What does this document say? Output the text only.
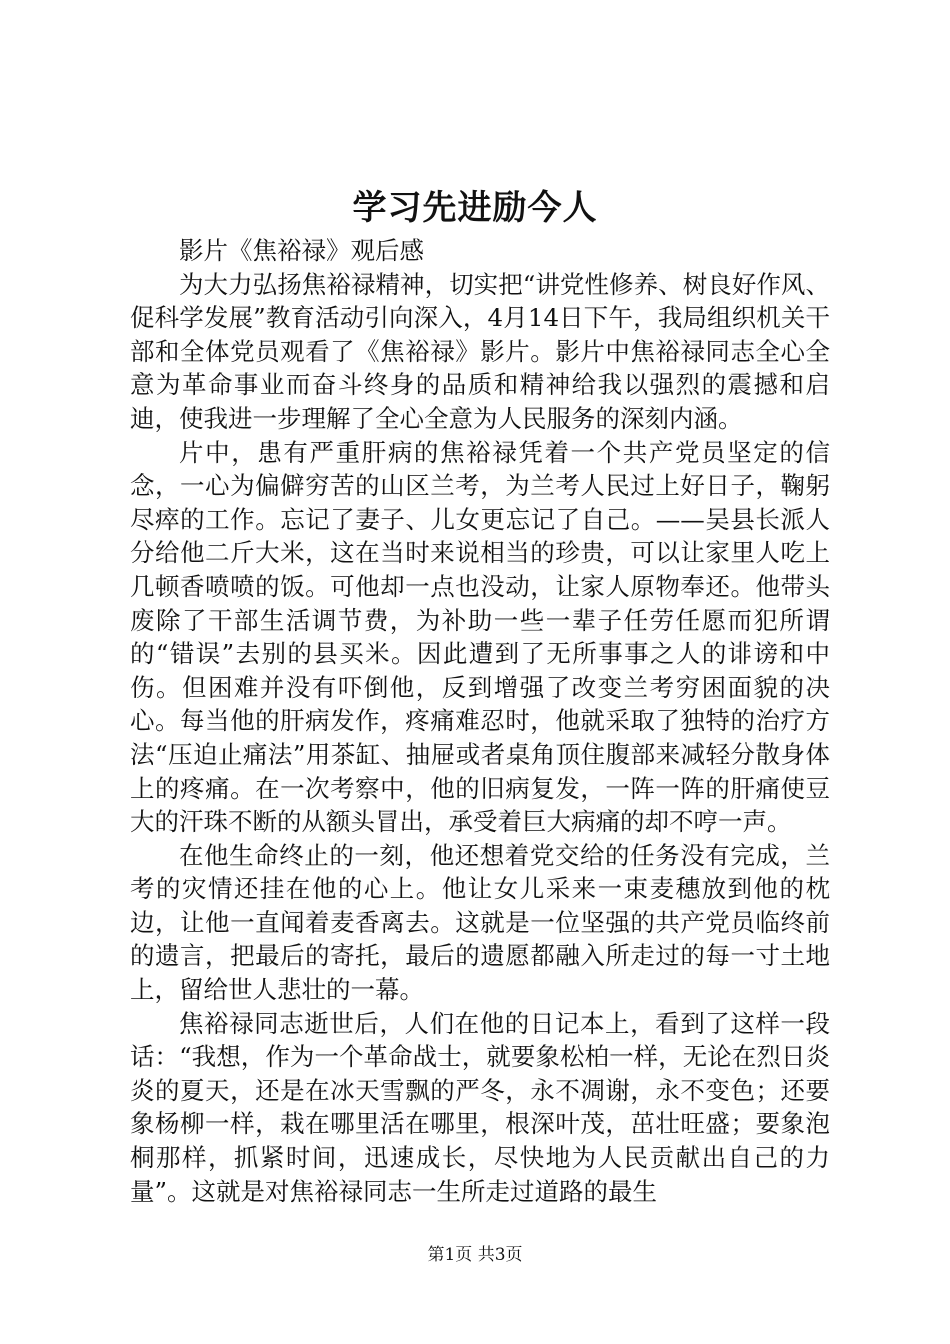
学习先进励今人

影片《焦裕禄》观后感

为大力弘扬焦裕禄精神，切实把“讲党性修养、树良好作风、促科学发展”教育活动引向深入，4月14日下午，我局组织机关干部和全体党员观看了《焦裕禄》影片。影片中焦裕禄同志全心全意为革命事业而奋斗终身的品质和精神给我以强烈的震撼和启迪，使我进一步理解了全心全意为人民服务的深刻内涵。

片中，患有严重肝病的焦裕禄凭着一个共产党员坚定的信念，一心为偏僻穷苦的山区兰考，为兰考人民过上好日子，鞠躬尽瘁的工作。忘记了妻子、儿女更忘记了自己。——吴县长派人分给他二斤大米，这在当时来说相当的珍贵，可以让家里人吃上几顿香喷喷的饭。可他却一点也没动，让家人原物奉还。他带头废除了干部生活调节费，为补助一些一辈子任劳任愿而犯所谓的“错误”去别的县买米。因此遭到了无所事事之人的诽谤和中伤。但困难并没有吓倒他，反到增强了改变兰考穷困面貌的决心。每当他的肝病发作，疼痛难忍时，他就采取了独特的治疗方法“压迫止痛法”用茶缸、抽屉或者桌角顶住腹部来减轻分散身体上的疼痛。在一次考察中，他的旧病复发，一阵一阵的肝痛使豆大的汗珠不断的从额头冒出，承受着巨大病痛的却不哼一声。

在他生命终止的一刻，他还想着党交给的任务没有完成，兰考的灾情还挂在他的心上。他让女儿采来一束麦穗放到他的枕边，让他一直闻着麦香离去。这就是一位坚强的共产党员临终前的遗言，把最后的寄托，最后的遗愿都融入所走过的每一寸土地上，留给世人悲壮的一幕。

焦裕禄同志逝世后，人们在他的日记本上，看到了这样一段话：“我想，作为一个革命战士，就要象松柏一样，无论在烈日炎炎的夏天，还是在冰天雪飘的严冬，永不凋谢，永不变色；还要象杨柳一样，栽在哪里活在哪里，根深叶茂，茁壮旺盛；要象泡桐那样，抓紧时间，迅速成长，尽快地为人民贡献出自己的力量”。这就是对焦裕禄同志一生所走过道路的最生

第1页 共3页
